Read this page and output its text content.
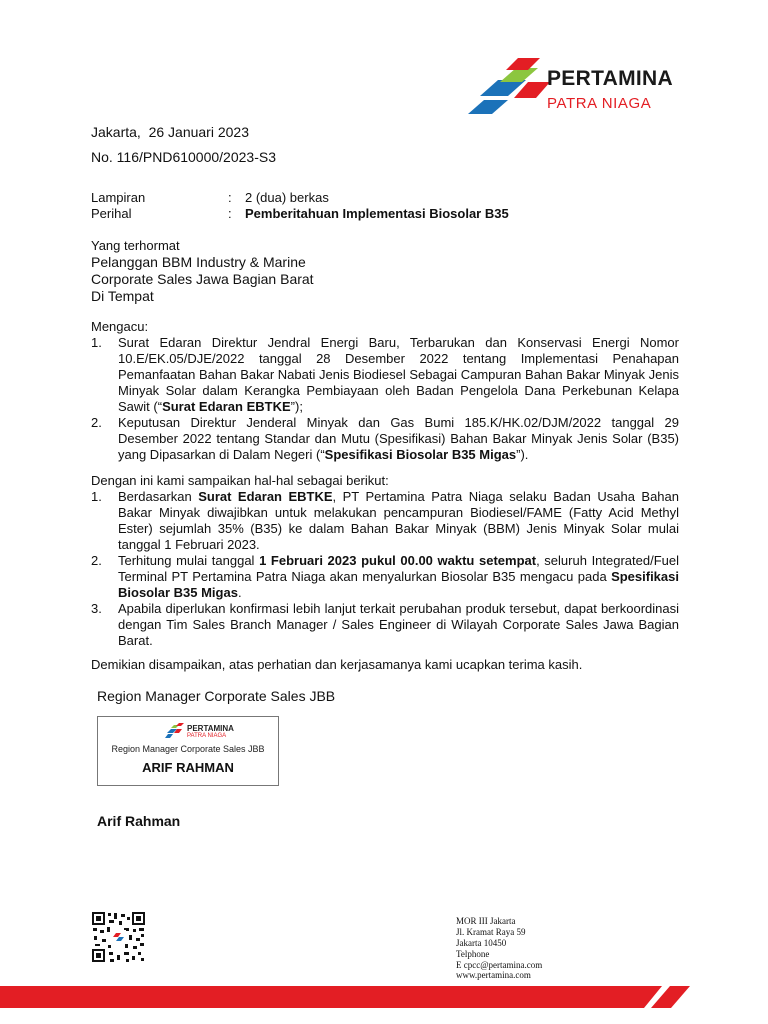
PERTAMINA
PATRA NIAGA
Jakarta,  26 Januari 2023
No. 116/PND610000/2023-S3
Lampiran	: 2 (dua) berkas
Perihal	: Pemberitahuan Implementasi Biosolar B35
Yang terhormat
Pelanggan BBM Industry & Marine
Corporate Sales Jawa Bagian Barat
Di Tempat
Mengacu:
1. Surat Edaran Direktur Jendral Energi Baru, Terbarukan dan Konservasi Energi Nomor 10.E/EK.05/DJE/2022 tanggal 28 Desember 2022 tentang Implementasi Penahapan Pemanfaatan Bahan Bakar Nabati Jenis Biodiesel Sebagai Campuran Bahan Bakar Minyak Jenis Minyak Solar dalam Kerangka Pembiayaan oleh Badan Pengelola Dana Perkebunan Kelapa Sawit (“Surat Edaran EBTKE”);
2. Keputusan Direktur Jenderal Minyak dan Gas Bumi 185.K/HK.02/DJM/2022 tanggal 29 Desember 2022 tentang Standar dan Mutu (Spesifikasi) Bahan Bakar Minyak Jenis Solar (B35) yang Dipasarkan di Dalam Negeri (“Spesifikasi Biosolar B35 Migas”).
Dengan ini kami sampaikan hal-hal sebagai berikut:
1. Berdasarkan Surat Edaran EBTKE, PT Pertamina Patra Niaga selaku Badan Usaha Bahan Bakar Minyak diwajibkan untuk melakukan pencampuran Biodiesel/FAME (Fatty Acid Methyl Ester) sejumlah 35% (B35) ke dalam Bahan Bakar Minyak (BBM) Jenis Minyak Solar mulai tanggal 1 Februari 2023.
2. Terhitung mulai tanggal 1 Februari 2023 pukul 00.00 waktu setempat, seluruh Integrated/Fuel Terminal PT Pertamina Patra Niaga akan menyalurkan Biosolar B35 mengacu pada Spesifikasi Biosolar B35 Migas.
3. Apabila diperlukan konfirmasi lebih lanjut terkait perubahan produk tersebut, dapat berkoordinasi dengan Tim Sales Branch Manager / Sales Engineer di Wilayah Corporate Sales Jawa Bagian Barat.
Demikian disampaikan, atas perhatian dan kerjasamanya kami ucapkan terima kasih.
Region Manager Corporate Sales JBB
PERTAMINA
PATRA NIAGA
Region Manager Corporate Sales JBB
ARIF RAHMAN
Arif Rahman
MOR III Jakarta
Jl. Kramat Raya 59
Jakarta 10450
Telphone
E cpcc@pertamina.com
www.pertamina.com
